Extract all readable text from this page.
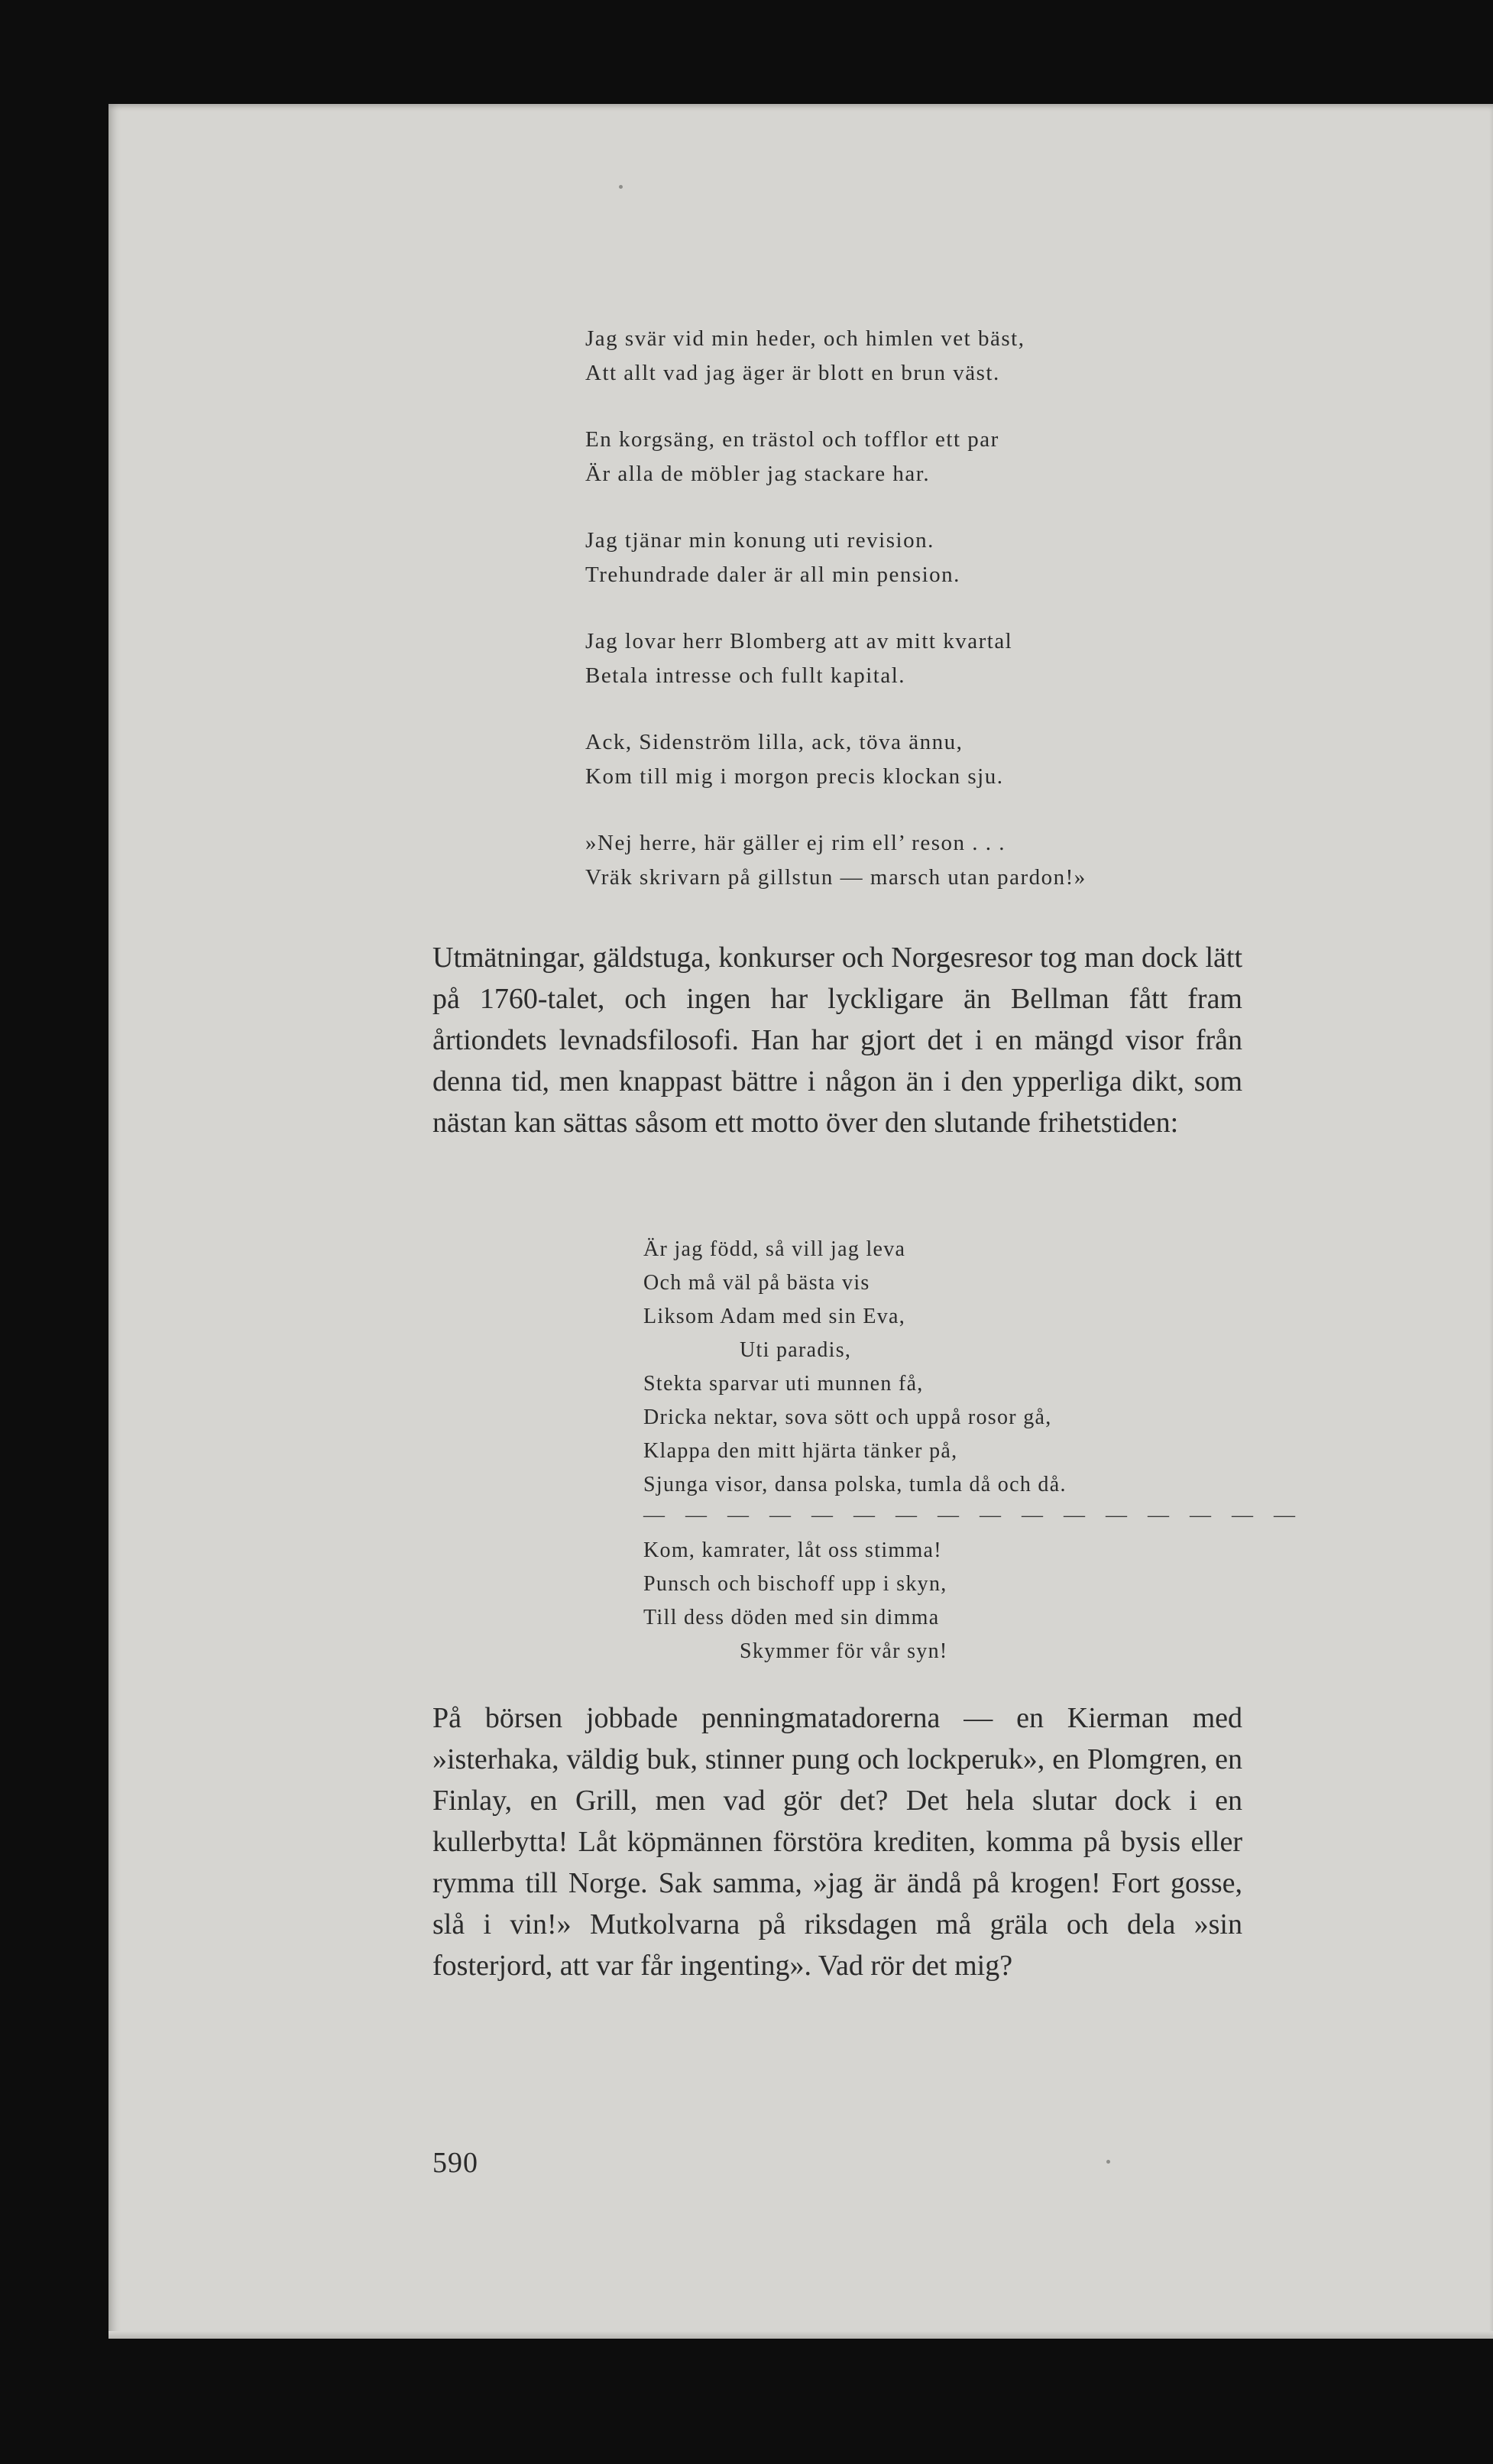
Jag svär vid min heder, och himlen vet bäst,
Att allt vad jag äger är blott en brun väst.
En korgsäng, en trästol och tofflor ett par
Är alla de möbler jag stackare har.
Jag tjänar min konung uti revision.
Trehundrade daler är all min pension.
Jag lovar herr Blomberg att av mitt kvartal
Betala intresse och fullt kapital.
Ack, Sidenström lilla, ack, töva ännu,
Kom till mig i morgon precis klockan sju.
»Nej herre, här gäller ej rim ell’ reson . . .
Vräk skrivarn på gillstun — marsch utan pardon!»

Utmätningar, gäldstuga, konkurser och Norgesresor tog man dock lätt på 1760-talet, och ingen har lyckligare än Bellman fått fram årtiondets levnadsfilosofi. Han har gjort det i en mängd visor från denna tid, men knappast bättre i någon än i den ypperliga dikt, som nästan kan sättas såsom ett motto över den slutande frihetstiden:

Är jag född, så vill jag leva
Och må väl på bästa vis
Liksom Adam med sin Eva,
Uti paradis,
Stekta sparvar uti munnen få,
Dricka nektar, sova sött och uppå rosor gå,
Klappa den mitt hjärta tänker på,
Sjunga visor, dansa polska, tumla då och då.
— — — — — — — — — — — — — — — —
Kom, kamrater, låt oss stimma!
Punsch och bischoff upp i skyn,
Till dess döden med sin dimma
Skymmer för vår syn!

På börsen jobbade penningmatadorerna — en Kierman med »isterhaka, väldig buk, stinner pung och lockperuk», en Plomgren, en Finlay, en Grill, men vad gör det? Det hela slutar dock i en kullerbytta! Låt köpmännen förstöra krediten, komma på bysis eller rymma till Norge. Sak samma, »jag är ändå på krogen! Fort gosse, slå i vin!» Mutkolvarna på riksdagen må gräla och dela »sin fosterjord, att var får ingenting». Vad rör det mig?

590
